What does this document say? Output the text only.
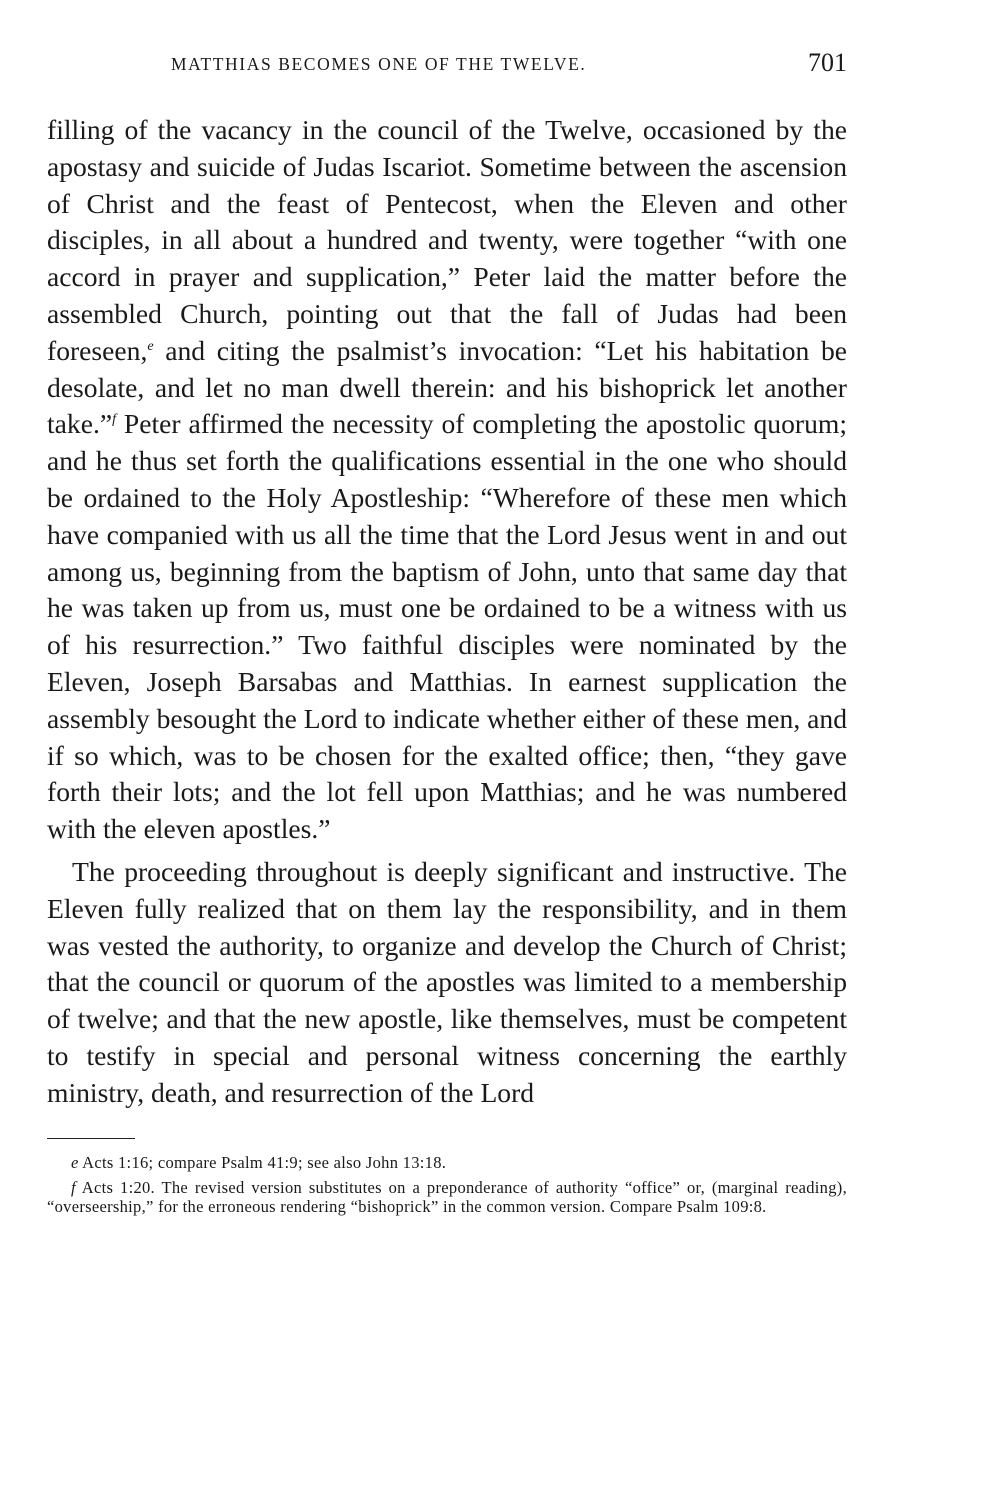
MATTHIAS BECOMES ONE OF THE TWELVE.	701

filling of the vacancy in the council of the Twelve, occasioned by the apostasy and suicide of Judas Iscariot. Sometime between the ascension of Christ and the feast of Pentecost, when the Eleven and other disciples, in all about a hundred and twenty, were together “with one accord in prayer and supplication,” Peter laid the matter before the assembled Church, pointing out that the fall of Judas had been foreseen,$^e$ and citing the psalmist’s invocation: “Let his habitation be desolate, and let no man dwell therein: and his bishoprick let another take.”$^f$ Peter affirmed the necessity of completing the apostolic quorum; and he thus set forth the qualifications essential in the one who should be ordained to the Holy Apostleship: “Wherefore of these men which have companied with us all the time that the Lord Jesus went in and out among us, beginning from the baptism of John, unto that same day that he was taken up from us, must one be ordained to be a witness with us of his resurrection.” Two faithful disciples were nominated by the Eleven, Joseph Barsabas and Matthias. In earnest supplication the assembly besought the Lord to indicate whether either of these men, and if so which, was to be chosen for the exalted office; then, “they gave forth their lots; and the lot fell upon Matthias; and he was numbered with the eleven apostles.”

The proceeding throughout is deeply significant and instructive. The Eleven fully realized that on them lay the responsibility, and in them was vested the authority, to organize and develop the Church of Christ; that the council or quorum of the apostles was limited to a membership of twelve; and that the new apostle, like themselves, must be competent to testify in special and personal witness concerning the earthly ministry, death, and resurrection of the Lord

e Acts 1:16; compare Psalm 41:9; see also John 13:18.

f Acts 1:20. The revised version substitutes on a preponderance of authority “office” or, (marginal reading), “overseership,” for the erroneous rendering “bishoprick” in the common version. Compare Psalm 109:8.
